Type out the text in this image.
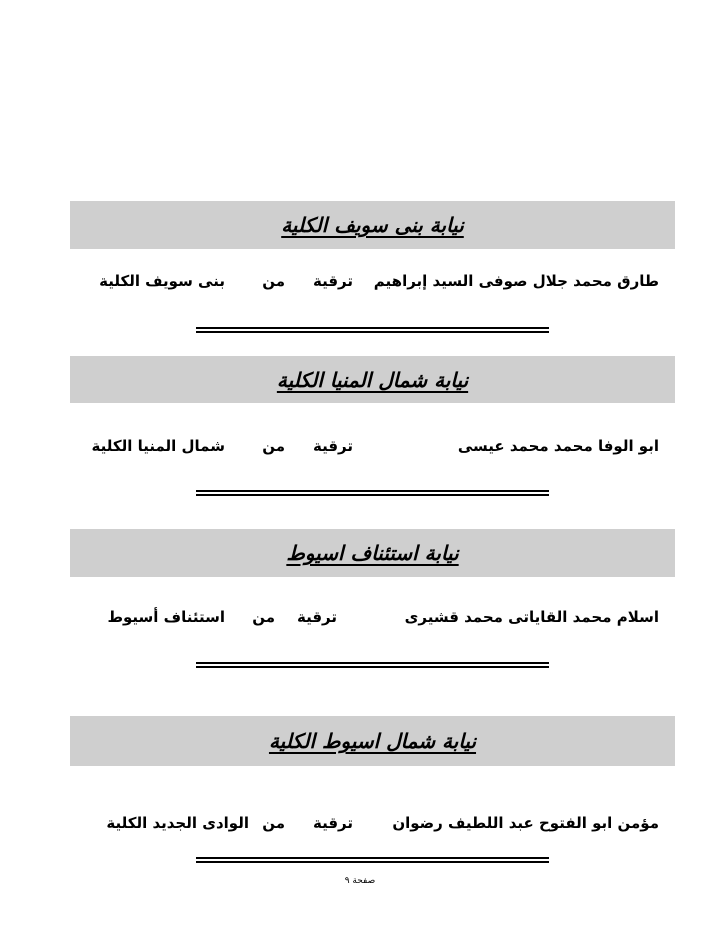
نيابة بنى سويف الكلية
طارق محمد جلال صوفى السيد إبراهيم
ترقية
من
بنى سويف الكلية
نيابة شمال المنيا الكلية
ابو الوفا محمد محمد عيسى
ترقية
من
شمال المنيا الكلية
نيابة استئناف اسيوط
اسلام محمد القاياتى محمد قشيرى
ترقية
من
استئناف أسيوط
نيابة شمال اسيوط الكلية
مؤمن ابو الفتوح عبد اللطيف رضوان
ترقية
من
الوادى الجديد الكلية
صفحة ٩
